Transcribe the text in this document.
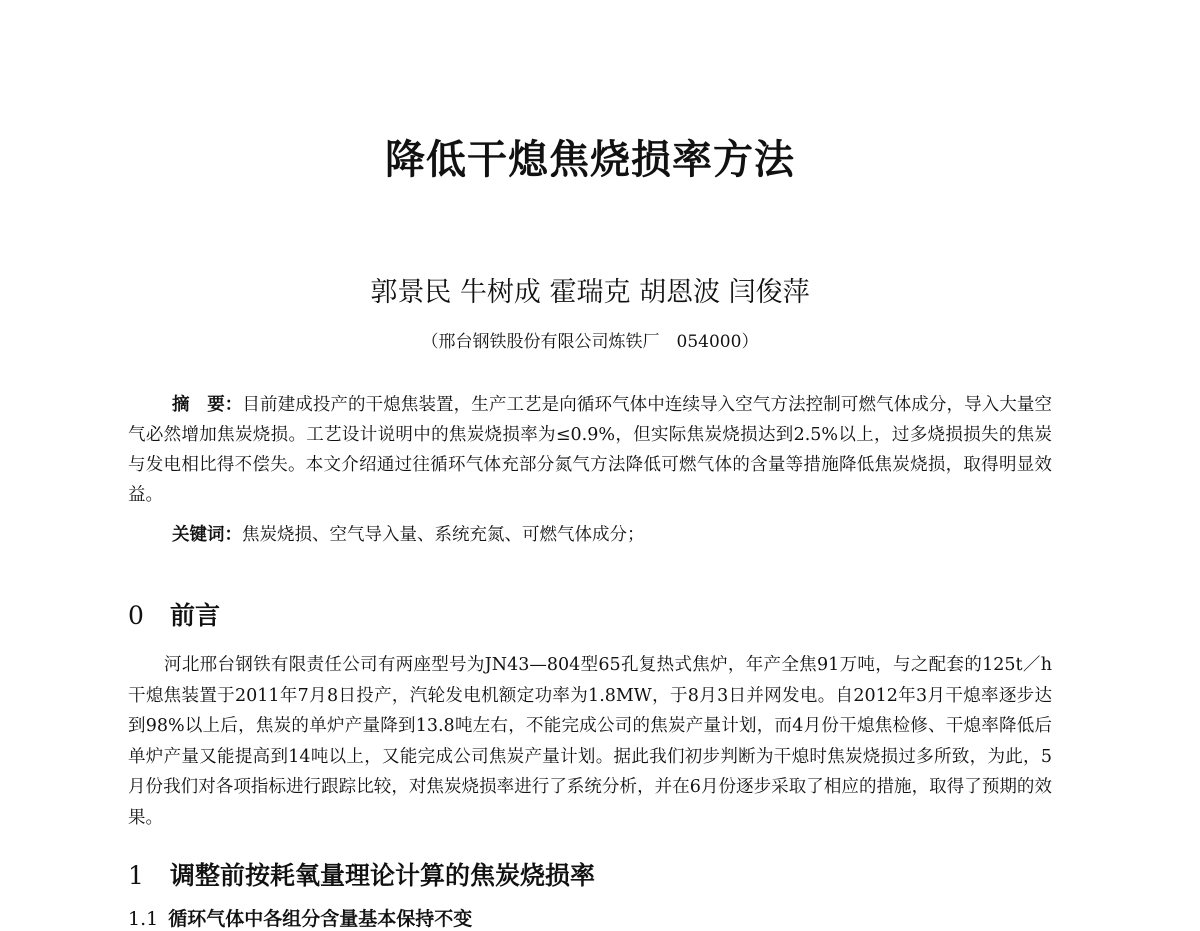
降低干熄焦烧损率方法

郭景民 牛树成 霍瑞克 胡恩波 闫俊萍

（邢台钢铁股份有限公司炼铁厂　054000）

摘　要：目前建成投产的干熄焦装置，生产工艺是向循环气体中连续导入空气方法控制可燃气体成分，导入大量空气必然增加焦炭烧损。工艺设计说明中的焦炭烧损率为≤0.9%，但实际焦炭烧损达到2.5%以上，过多烧损损失的焦炭与发电相比得不偿失。本文介绍通过往循环气体充部分氮气方法降低可燃气体的含量等措施降低焦炭烧损，取得明显效益。

关键词：焦炭烧损、空气导入量、系统充氮、可燃气体成分；

0 前言

河北邢台钢铁有限责任公司有两座型号为JN43—804型65孔复热式焦炉，年产全焦91万吨，与之配套的125t／h干熄焦装置于2011年7月8日投产，汽轮发电机额定功率为1.8MW，于8月3日并网发电。自2012年3月干熄率逐步达到98%以上后，焦炭的单炉产量降到13.8吨左右，不能完成公司的焦炭产量计划，而4月份干熄焦检修、干熄率降低后单炉产量又能提高到14吨以上，又能完成公司焦炭产量计划。据此我们初步判断为干熄时焦炭烧损过多所致，为此，5月份我们对各项指标进行跟踪比较，对焦炭烧损率进行了系统分析，并在6月份逐步采取了相应的措施，取得了预期的效果。

1 调整前按耗氧量理论计算的焦炭烧损率
1.1 循环气体中各组分含量基本保持不变
